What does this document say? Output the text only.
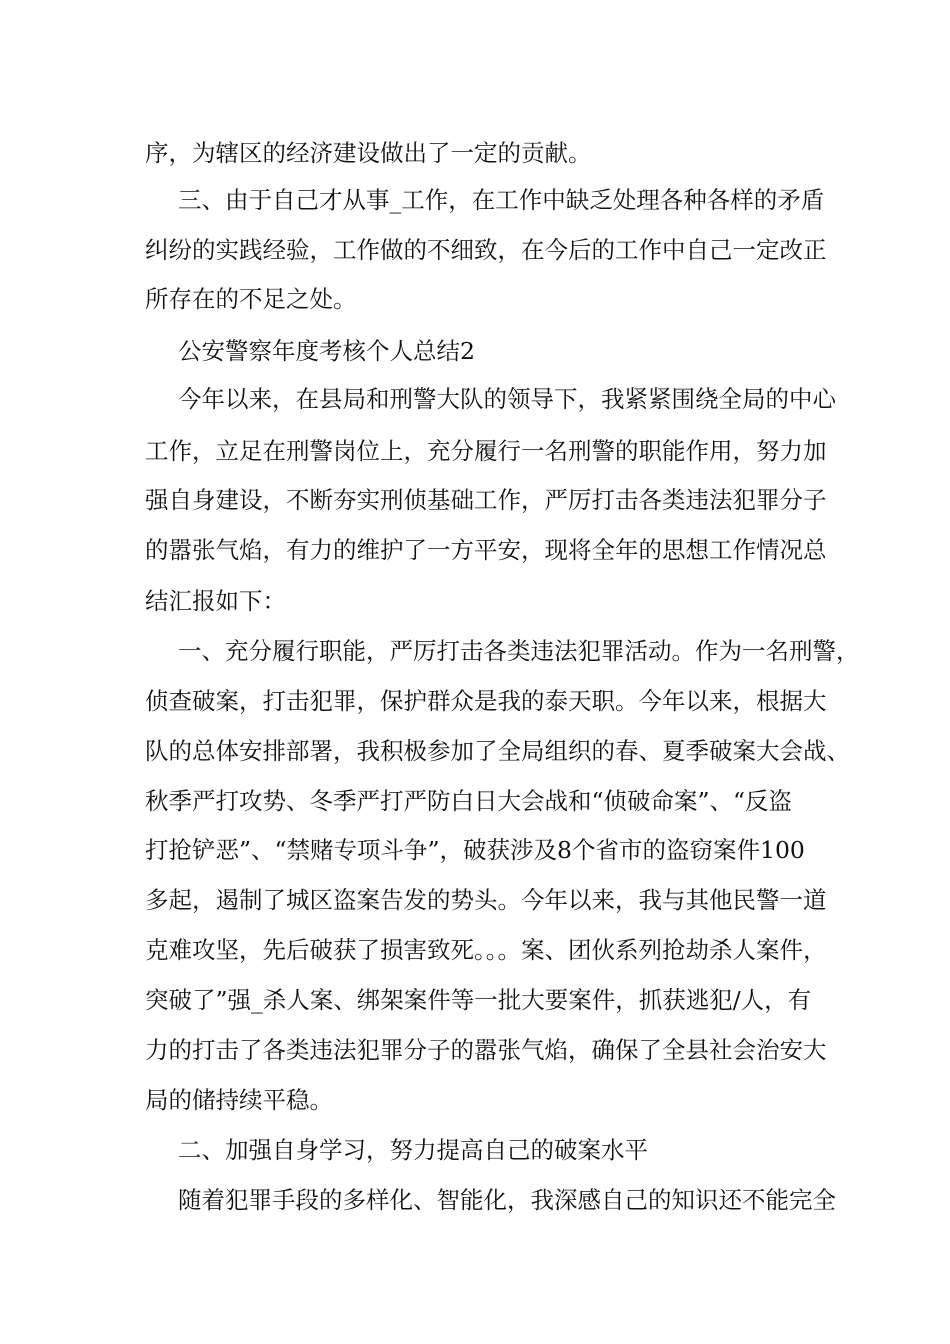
序，为辖区的经济建设做出了一定的贡献。
三、由于自己才从事_工作，在工作中缺乏处理各种各样的矛盾
纠纷的实践经验，工作做的不细致，在今后的工作中自己一定改正
所存在的不足之处。
公安警察年度考核个人总结2
今年以来，在县局和刑警大队的领导下，我紧紧围绕全局的中心
工作，立足在刑警岗位上，充分履行一名刑警的职能作用，努力加
强自身建设，不断夯实刑侦基础工作，严厉打击各类违法犯罪分子
的嚣张气焰，有力的维护了一方平安，现将全年的思想工作情况总
结汇报如下：
一、充分履行职能，严厉打击各类违法犯罪活动。作为一名刑警，
侦查破案，打击犯罪，保护群众是我的泰天职。今年以来，根据大
队的总体安排部署，我积极参加了全局组织的春、夏季破案大会战、
秋季严打攻势、冬季严打严防白日大会战和“侦破命案”、“反盗
打抢铲恶”、“禁赌专项斗争”，破获涉及8个省市的盗窃案件100
多起，遏制了城区盗案告发的势头。今年以来，我与其他民警一道
克难攻坚，先后破获了损害致死。。。案、团伙系列抢劫杀人案件，
突破了”强_杀人案、绑架案件等一批大要案件，抓获逃犯/人，有
力的打击了各类违法犯罪分子的嚣张气焰，确保了全县社会治安大
局的储持续平稳。
二、加强自身学习，努力提高自己的破案水平
随着犯罪手段的多样化、智能化，我深感自己的知识还不能完全
